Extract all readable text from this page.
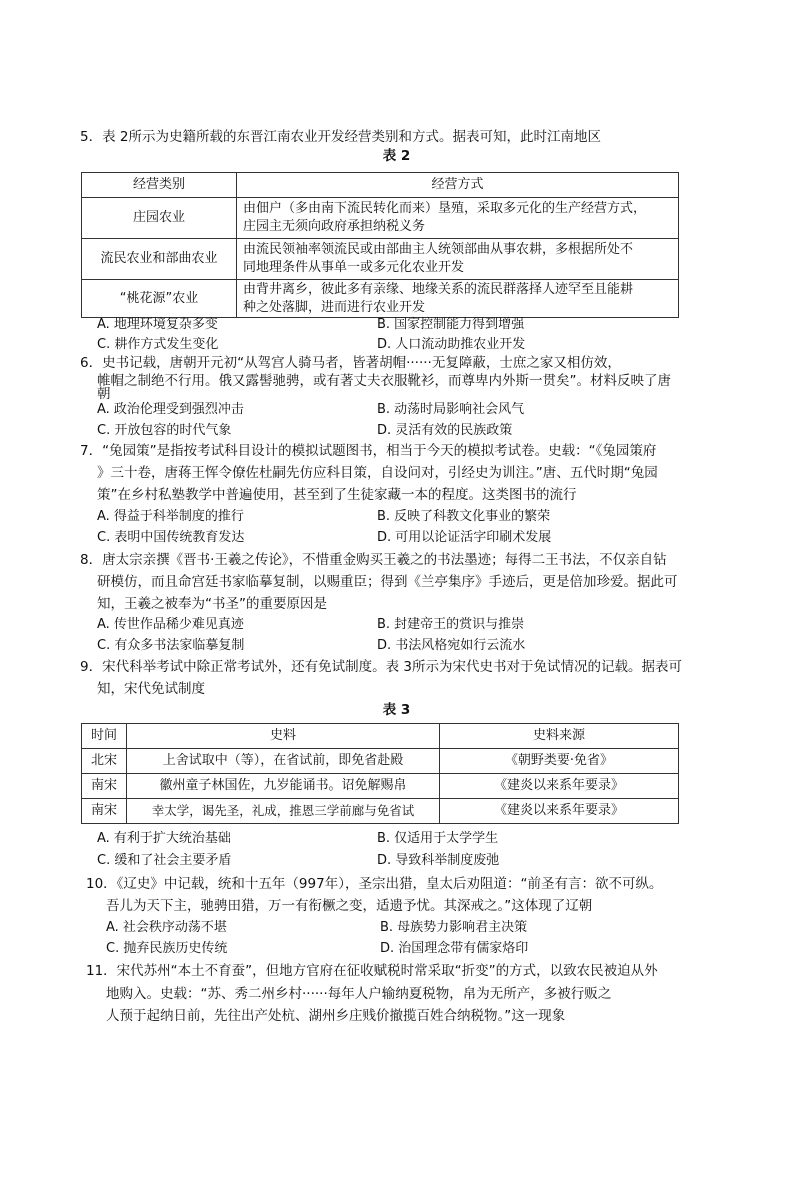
5．表 2所示为史籍所载的东晋江南农业开发经营类别和方式。据表可知，此时江南地区
表 2
经营类别	经营方式
庄园农业	由佃户（多由南下流民转化而来）垦殖，采取多元化的生产经营方式，
庄园主无须向政府承担纳税义务

流民农业和部曲农业	由流民领袖率领流民或由部曲主人统领部曲从事农耕，多根据所处不
同地理条件从事单一或多元化农业开发

“桃花源”农业	由背井离乡，彼此多有亲缘、地缘关系的流民群落择人迹罕至且能耕
种之处落脚，进而进行农业开发
A. 地理环境复杂多变	B. 国家控制能力得到增强
C. 耕作方式发生变化	D. 人口流动助推农业开发
6．史书记载，唐朝开元初“从驾宫人骑马者，皆著胡帽······无复障蔽，士庶之家又相仿效，
帷帽之制绝不行用。俄又露髻驰骋，或有著丈夫衣服靴衫，而尊卑内外斯一贯矣”。材料反映了唐
朝
A. 政治伦理受到强烈冲击	B. 动荡时局影响社会风气
C. 开放包容的时代气象	D. 灵活有效的民族政策
7．“兔园策”是指按考试科目设计的模拟试题图书，相当于今天的模拟考试卷。史载：“《兔园策府
》三十卷，唐蒋王恽令僚佐杜嗣先仿应科目策，自设问对，引经史为训注。”唐、五代时期“兔园
策”在乡村私塾教学中普遍使用，甚至到了生徒家藏一本的程度。这类图书的流行
A. 得益于科举制度的推行	B. 反映了科教文化事业的繁荣
C. 表明中国传统教育发达	D. 可用以论证活字印刷术发展
8．唐太宗亲撰《晋书·王羲之传论》，不惜重金购买王羲之的书法墨迹；每得二王书法，不仅亲自钻
研模仿，而且命宫廷书家临摹复制，以赐重臣；得到《兰亭集序》手迹后，更是倍加珍爱。据此可
知，王羲之被奉为“书圣”的重要原因是
A. 传世作品稀少难见真迹	B. 封建帝王的赏识与推崇
C. 有众多书法家临摹复制	D. 书法风格宛如行云流水
9．宋代科举考试中除正常考试外，还有免试制度。表 3所示为宋代史书对于免试情况的记载。据表可
知，宋代免试制度
表 3
时间	史料	史料来源
北宋	上舍试取中（等），在省试前，即免省赴殿	《朝野类要·免省》
南宋	徽州童子林国佐，九岁能诵书。诏免解赐帛	《建炎以来系年要录》
南宋	幸太学，谒先圣，礼成，推恩三学前廊与免省试	《建炎以来系年要录》
A. 有利于扩大统治基础	B. 仅适用于太学学生
C. 缓和了社会主要矛盾	D. 导致科举制度废弛
10．《辽史》中记载，统和十五年（997年），圣宗出猎，皇太后劝阻道：“前圣有言：欲不可纵。
吾儿为天下主，驰骋田猎，万一有衔橛之变，适遗予忧。其深戒之。”这体现了辽朝
A. 社会秩序动荡不堪	B. 母族势力影响君主决策
C. 抛弃民族历史传统	D. 治国理念带有儒家烙印
11．宋代苏州“本土不育蚕”，但地方官府在征收赋税时常采取“折变”的方式，以致农民被迫从外
地购入。史载：“苏、秀二州乡村······每年人户输纳夏税物，帛为无所产，多被行贩之
人预于起纳日前，先往出产处杭、湖州乡庄贱价撤揽百姓合纳税物。”这一现象
